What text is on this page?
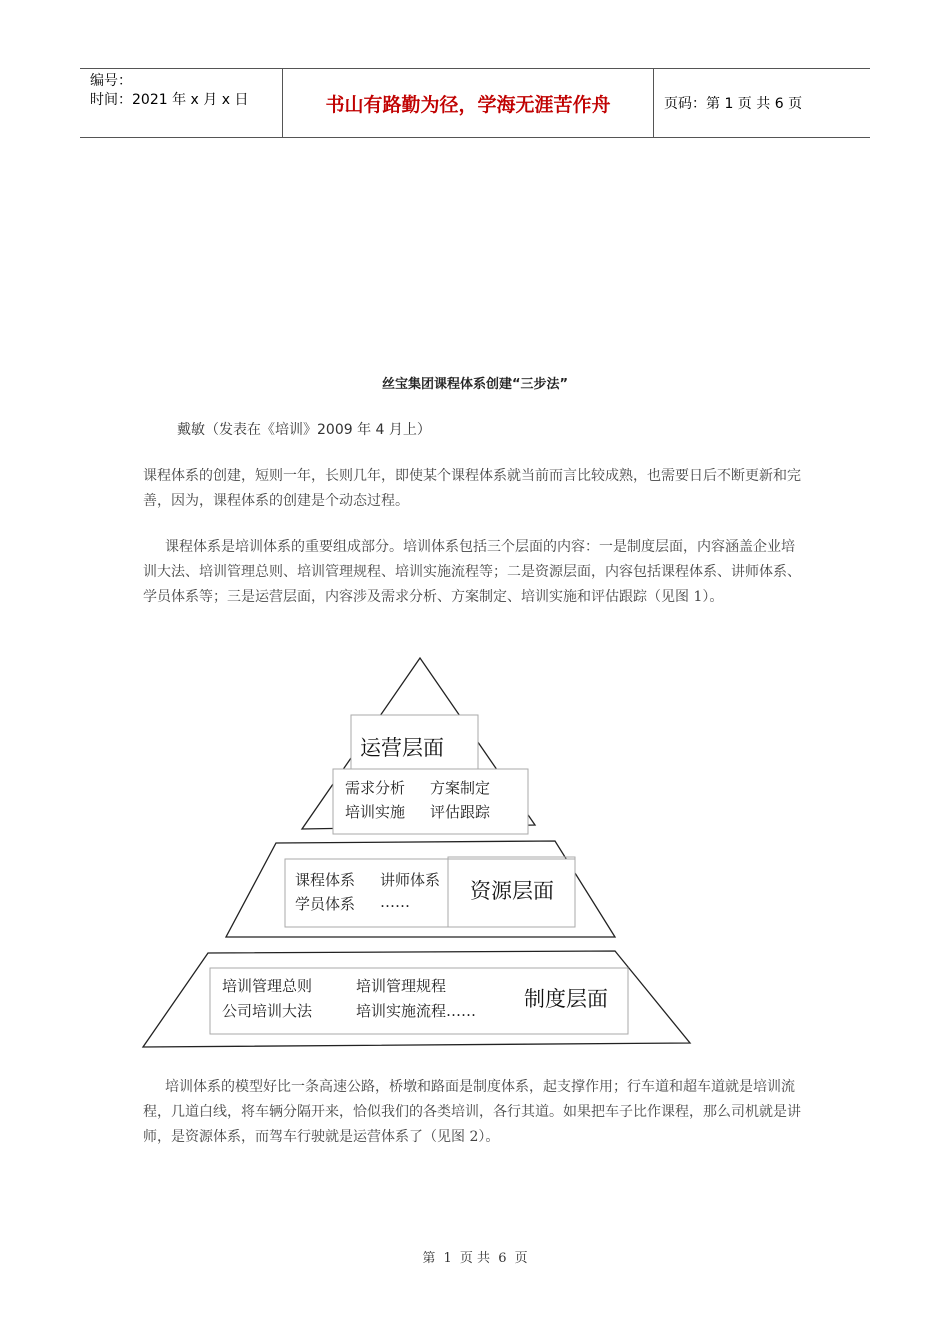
编号：
时间：2021 年 x 月 x 日	书山有路勤为径，学海无涯苦作舟	页码：第 1 页 共 6 页
丝宝集团课程体系创建“三步法”
戴敏（发表在《培训》2009 年 4 月上）

课程体系的创建，短则一年，长则几年，即使某个课程体系就当前而言比较成熟，也需要日后不断更新和完善，因为，课程体系的创建是个动态过程。

课程体系是培训体系的重要组成部分。培训体系包括三个层面的内容：一是制度层面，内容涵盖企业培训大法、培训管理总则、培训管理规程、培训实施流程等；二是资源层面，内容包括课程体系、讲师体系、学员体系等；三是运营层面，内容涉及需求分析、方案制定、培训实施和评估跟踪（见图 1）。

运营层面
需求分析 方案制定
培训实施 评估跟踪
课程体系 讲师体系
学员体系 ……	资源层面
培训管理总则	培训管理规程
公司培训大法	培训实施流程…… 制度层面

培训体系的模型好比一条高速公路，桥墩和路面是制度体系，起支撑作用；行车道和超车道就是培训流程，几道白线，将车辆分隔开来，恰似我们的各类培训，各行其道。如果把车子比作课程，那么司机就是讲师，是资源体系，而驾车行驶就是运营体系了（见图 2）。

第 1 页 共 6 页
